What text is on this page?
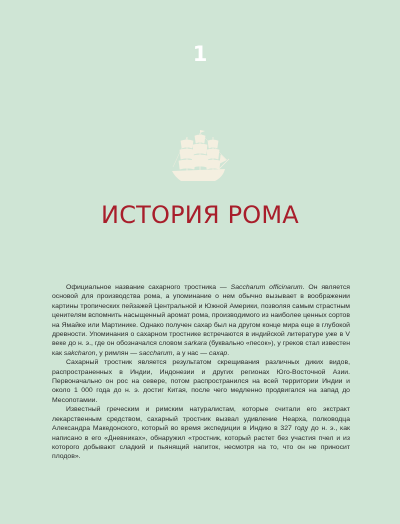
1
ИСТОРИЯ РОМА

Официальное название сахарного тростника — Saccharum officinarum. Он является основой для производства рома, а упоминание о нем обычно вызывает в воображении картины тропических пейзажей Центральной и Южной Америки, позволяя самым страстным ценителям вспомнить насыщенный аромат рома, производимого из наиболее ценных сортов на Ямайке или Мартинике. Однако получен сахар был на другом конце мира еще в глубокой древности. Упоминания о сахарном тростнике встречаются в индийской литературе уже в V веке до н. э., где он обозначался словом sarkara (буквально «песок»), у греков стал известен как sakcharon, у римлян — saccharum, а у нас — сахар.

Сахарный тростник является результатом скрещивания различных диких видов, распространенных в Индии, Индонезии и других регионах Юго-Восточной Азии. Первоначально он рос на севере, потом распространился на всей территории Индии и около 1 000 года до н. э. достиг Китая, после чего медленно продвигался на запад до Месопотамии.

Известный греческим и римским натуралистам, которые считали его экстракт лекарственным средством, сахарный тростник вызвал удивление Неарха, полководца Александра Македонского, который во время экспедиции в Индию в 327 году до н. э., как написано в его «Дневниках», обнаружил «тростник, который растет без участия пчел и из которого добывают сладкий и пьянящий напиток, несмотря на то, что он не приносит плодов».
